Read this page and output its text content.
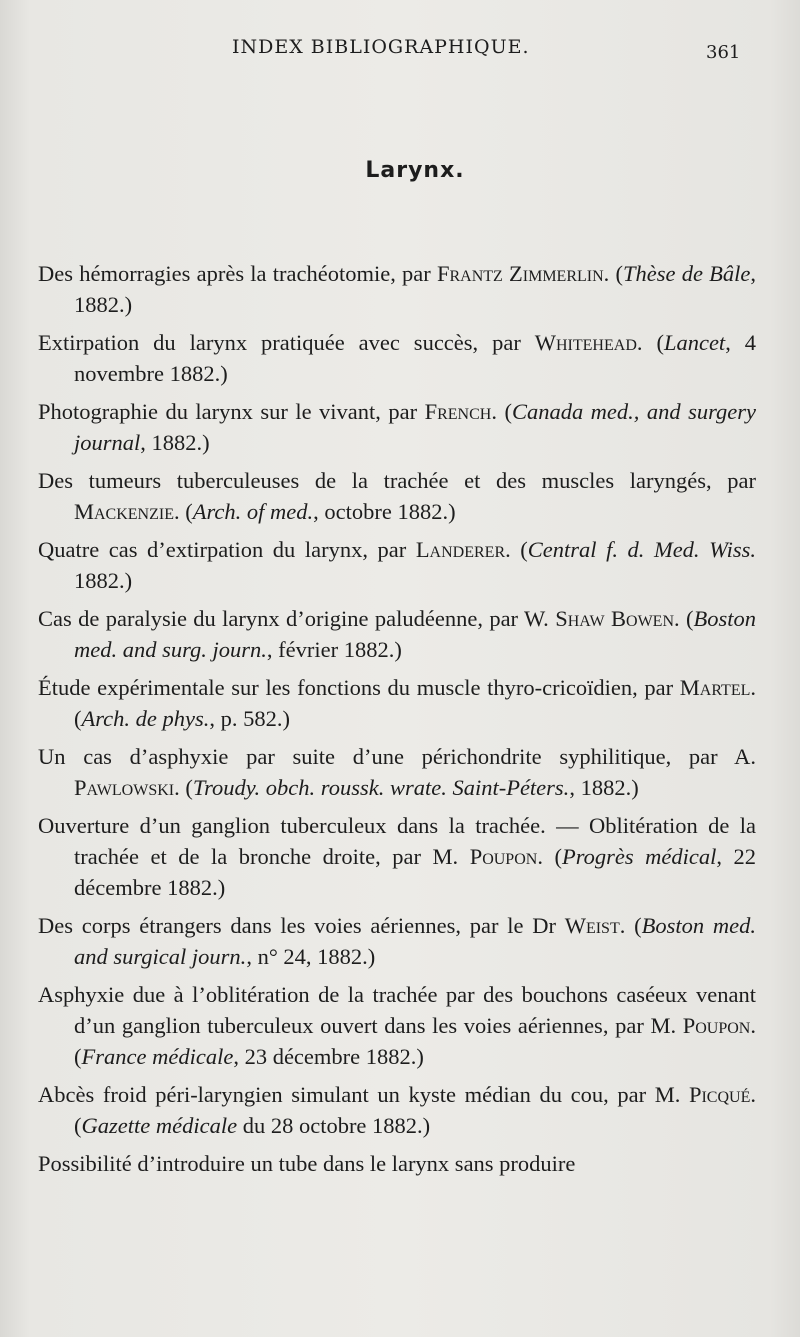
INDEX BIBLIOGRAPHIQUE.	361
Larynx.

Des hémorragies après la trachéotomie, par Frantz Zimmerlin. (Thèse de Bâle, 1882.)

Extirpation du larynx pratiquée avec succès, par Whitehead. (Lancet, 4 novembre 1882.)

Photographie du larynx sur le vivant, par French. (Canada med., and surgery journal, 1882.)

Des tumeurs tuberculeuses de la trachée et des muscles laryngés, par Mackenzie. (Arch. of med., octobre 1882.)

Quatre cas d’extirpation du larynx, par Landerer. (Central f. d. Med. Wiss. 1882.)

Cas de paralysie du larynx d’origine paludéenne, par W. Shaw Bowen. (Boston med. and surg. journ., février 1882.)

Étude expérimentale sur les fonctions du muscle thyro-cricoïdien, par Martel. (Arch. de phys., p. 582.)

Un cas d’asphyxie par suite d’une périchondrite syphilitique, par A. Pawlowski. (Troudy. obch. roussk. wrate. Saint-Péters., 1882.)

Ouverture d’un ganglion tuberculeux dans la trachée. — Oblitération de la trachée et de la bronche droite, par M. Poupon. (Progrès médical, 22 décembre 1882.)

Des corps étrangers dans les voies aériennes, par le Dr Weist. (Boston med. and surgical journ., n° 24, 1882.)

Asphyxie due à l’oblitération de la trachée par des bouchons caséeux venant d’un ganglion tuberculeux ouvert dans les voies aériennes, par M. Poupon. (France médicale, 23 décembre 1882.)

Abcès froid péri-laryngien simulant un kyste médian du cou, par M. Picqué. (Gazette médicale du 28 octobre 1882.)

Possibilité d’introduire un tube dans le larynx sans produire
